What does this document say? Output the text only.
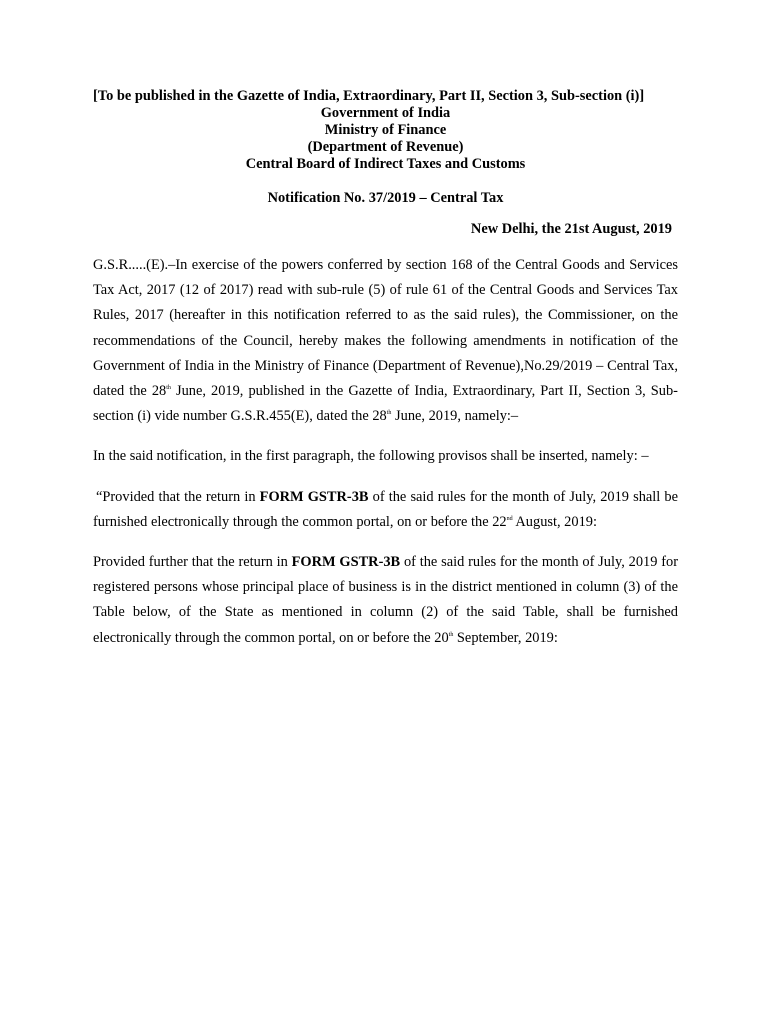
[To be published in the Gazette of India, Extraordinary, Part II, Section 3, Sub-section (i)]

Government of India
Ministry of Finance
(Department of Revenue)
Central Board of Indirect Taxes and Customs
Notification No. 37/2019 – Central Tax
New Delhi, the 21st August, 2019

G.S.R.....(E).–In exercise of the powers conferred by section 168 of the Central Goods and Services Tax Act, 2017 (12 of 2017) read with sub-rule (5) of rule 61 of the Central Goods and Services Tax Rules, 2017 (hereafter in this notification referred to as the said rules), the Commissioner, on the recommendations of the Council, hereby makes the following amendments in notification of the Government of India in the Ministry of Finance (Department of Revenue),No.29/2019 – Central Tax, dated the 28th June, 2019, published in the Gazette of India, Extraordinary, Part II, Section 3, Sub-section (i) vide number G.S.R.455(E), dated the 28th June, 2019, namely:–

In the said notification, in the first paragraph, the following provisos shall be inserted, namely: –

“Provided that the return in FORM GSTR-3B of the said rules for the month of July, 2019 shall be furnished electronically through the common portal, on or before the 22nd August, 2019:

Provided further that the return in FORM GSTR-3B of the said rules for the month of July, 2019 for registered persons whose principal place of business is in the district mentioned in column (3) of the Table below, of the State as mentioned in column (2) of the said Table, shall be furnished electronically through the common portal, on or before the 20th September, 2019:
